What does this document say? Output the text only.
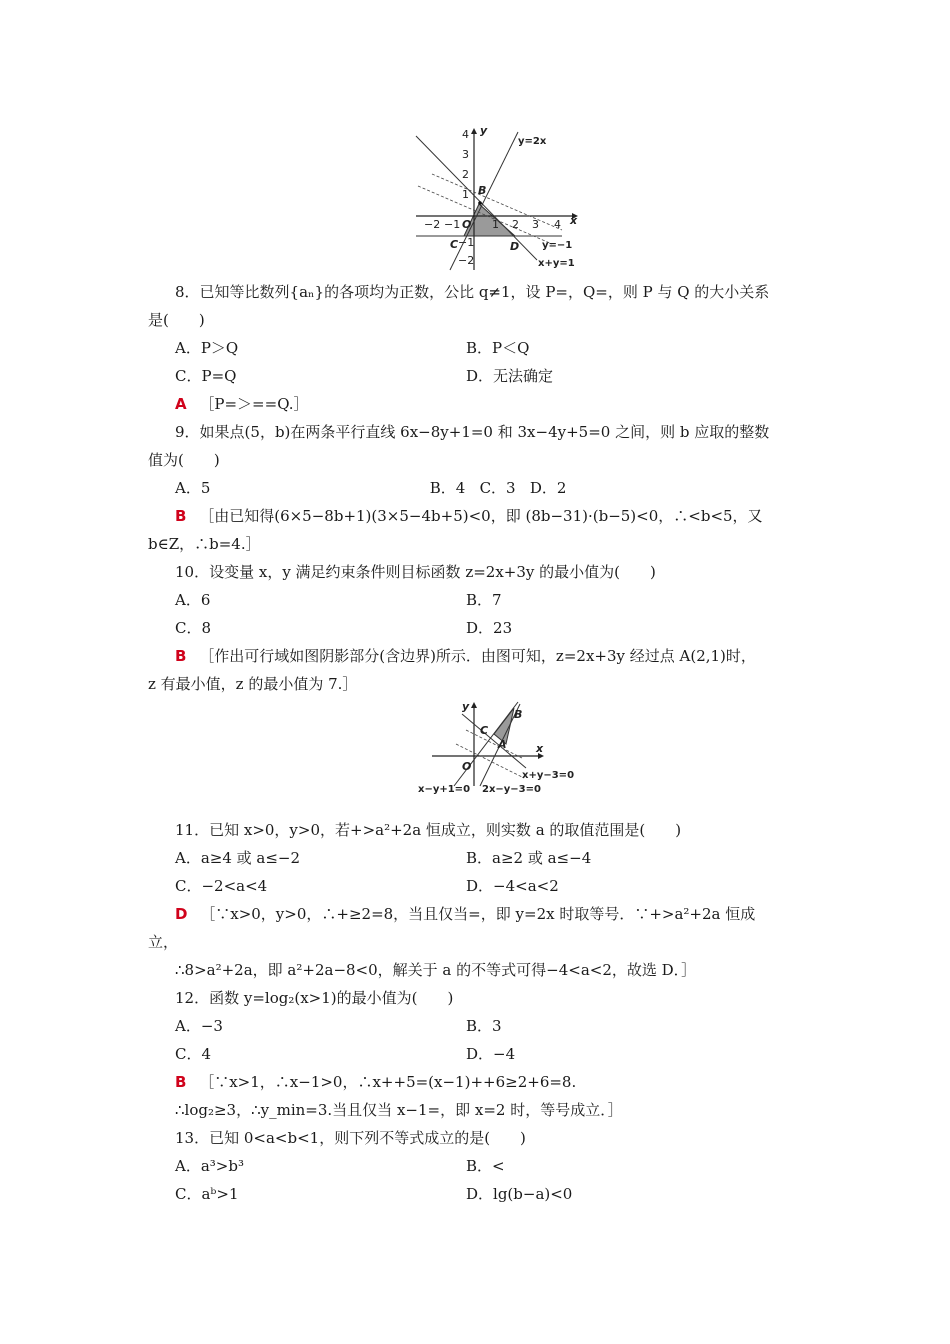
−2 −1 O 1 2 3 4 x
y
4
3
2
1
−1
−2
B
C	D
y=2x
y=−1
x+y=1
8．已知等比数列{aₙ}的各项均为正数，公比 q≠1，设 P=，Q=，则 P 与 Q 的大小关系
是(　　)
A．P＞Q	B．P＜Q
C．P=Q	D．无法确定
A ［P=＞==Q.］
9．如果点(5，b)在两条平行直线 6x−8y+1=0 和 3x−4y+5=0 之间，则 b 应取的整数
值为(　　)
A．5                                              B．4   C．3   D．2
B ［由已知得(6×5−8b+1)(3×5−4b+5)<0，即 (8b−31)·(b−5)<0，∴<b<5，又
b∈Z，∴b=4.］
10．设变量 x，y 满足约束条件则目标函数 z=2x+3y 的最小值为(　　)
A．6	B．7
C．8	D．23
B ［作出可行域如图阴影部分(含边界)所示．由图可知，z=2x+3y 经过点 A(2,1)时，
z 有最小值，z 的最小值为 7.］
y
x
O
B
C
A
x+y−3=0
x−y+1=0 2x−y−3=0
11．已知 x>0，y>0，若+>a²+2a 恒成立，则实数 a 的取值范围是(　　)
A．a≥4 或 a≤−2	B．a≥2 或 a≤−4
C．−2<a<4	D．−4<a<2
D ［∵x>0，y>0，∴+≥2=8，当且仅当=，即 y=2x 时取等号．∵+>a²+2a 恒成
立，
∴8>a²+2a，即 a²+2a−8<0，解关于 a 的不等式可得−4<a<2，故选 D．］
12．函数 y=log₂(x>1)的最小值为(　　)
A．−3	B．3
C．4	D．−4
B ［∵x>1，∴x−1>0，∴x++5=(x−1)++6≥2+6=8.
∴log₂≥3，∴y_min=3.当且仅当 x−1=，即 x=2 时，等号成立．］
13．已知 0<a<b<1，则下列不等式成立的是(　　)
A．a³>b³	B．<
C．aᵇ>1	D．lg(b−a)<0
